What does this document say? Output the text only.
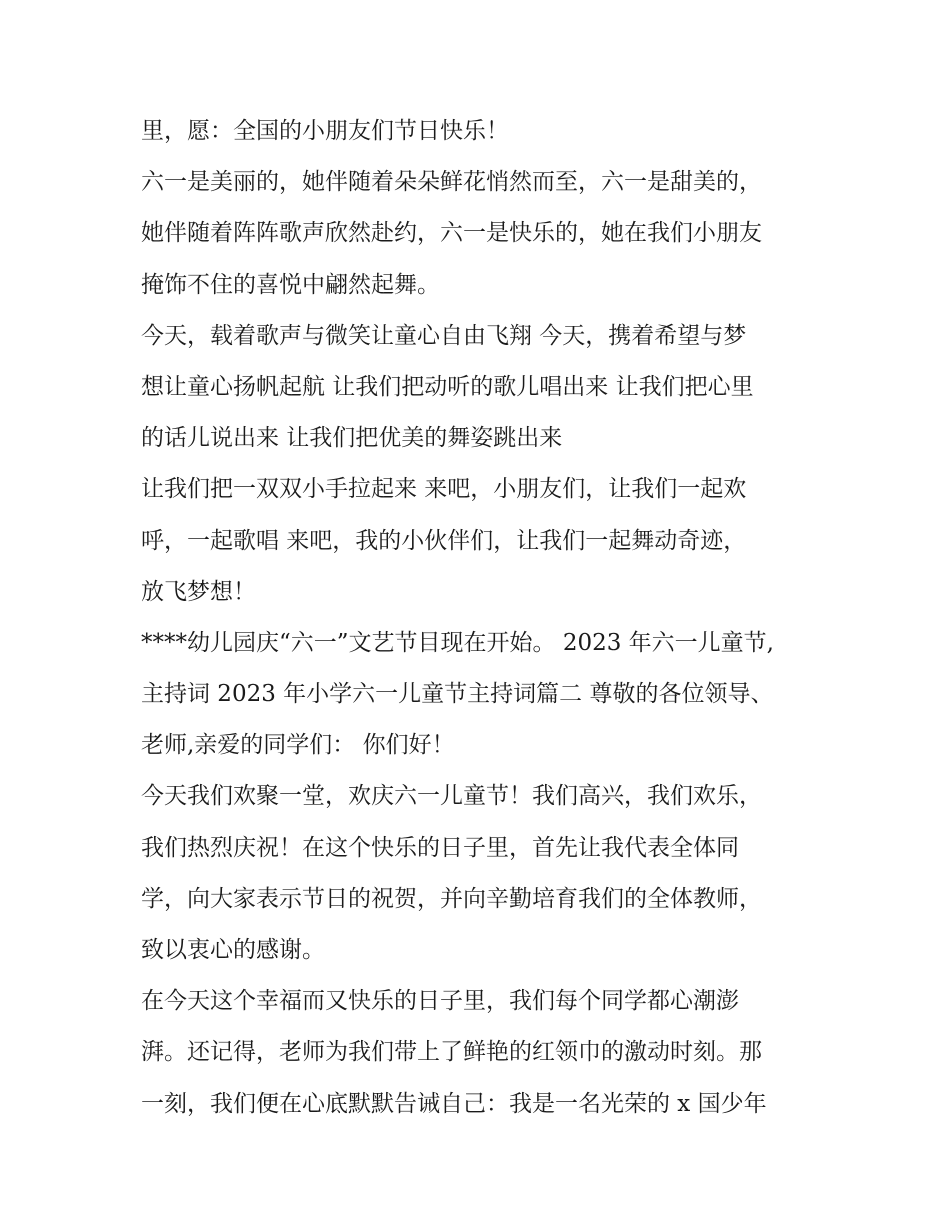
里，愿：全国的小朋友们节日快乐！
六一是美丽的，她伴随着朵朵鲜花悄然而至，六一是甜美的，
她伴随着阵阵歌声欣然赴约，六一是快乐的，她在我们小朋友
掩饰不住的喜悦中翩然起舞。
今天，载着歌声与微笑让童心自由飞翔 今天，携着希望与梦
想让童心扬帆起航 让我们把动听的歌儿唱出来 让我们把心里
的话儿说出来 让我们把优美的舞姿跳出来
让我们把一双双小手拉起来 来吧，小朋友们，让我们一起欢
呼，一起歌唱 来吧，我的小伙伴们，让我们一起舞动奇迹，
放飞梦想！
****幼儿园庆“六一”文艺节目现在开始。 2023 年六一儿童节,
主持词 2023 年小学六一儿童节主持词篇二 尊敬的各位领导、
老师,亲爱的同学们： 你们好！
今天我们欢聚一堂，欢庆六一儿童节！我们高兴，我们欢乐，
我们热烈庆祝！在这个快乐的日子里，首先让我代表全体同
学，向大家表示节日的祝贺，并向辛勤培育我们的全体教师，
致以衷心的感谢。
在今天这个幸福而又快乐的日子里，我们每个同学都心潮澎
湃。还记得，老师为我们带上了鲜艳的红领巾的激动时刻。那
一刻，我们便在心底默默告诫自己：我是一名光荣的 x 国少年
